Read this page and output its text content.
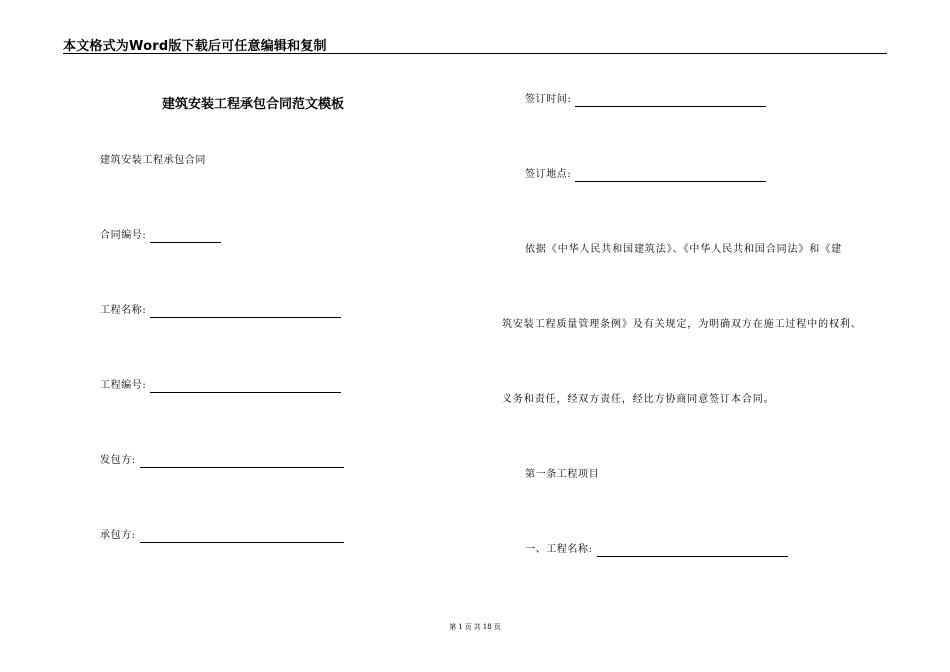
本文格式为Word版下载后可任意编辑和复制
建筑安装工程承包合同范文模板
建筑安装工程承包合同
合同编号:
工程名称:
工程编号:
发包方:
承包方:
签订时间:
签订地点:
依据《中华人民共和国建筑法》、《中华人民共和国合同法》和《建
筑安装工程质量管理条例》及有关规定，为明确双方在施工过程中的权利、
义务和责任，经双方责任，经比方协商同意签订本合同。
第一条工程项目
一、工程名称:
第 1 页 共 18 页
